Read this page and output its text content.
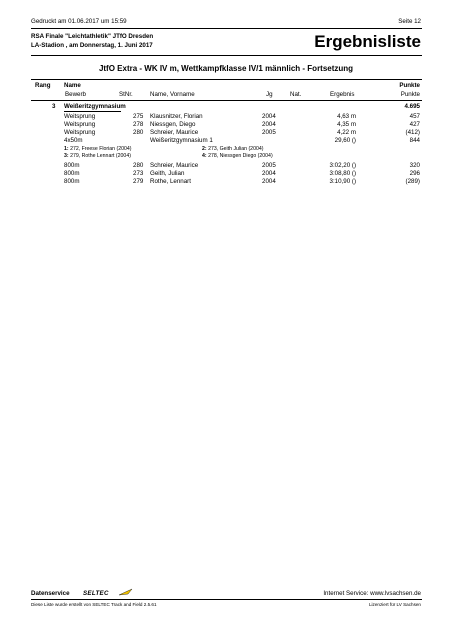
Gedruckt am 01.06.2017 um 15:59	Seite 12
RSA Finale "Leichtathletik" JTfO Dresden
LA-Stadion , am Donnerstag, 1. Juni 2017	Ergebnisliste
JtfO Extra - WK IV m, Wettkampfklasse IV/1 männlich - Fortsetzung
Rang Name	Punkte
Bewerb	StNr.	Name, Vorname	Jg	Nat.	Ergebnis	Punkte
3 Weißeritzgymnasium	4.695
Weitsprung	275 Klausnitzer, Florian	2004	4,63 m	457
Weitsprung	278 Niessgen, Diego	2004	4,35 m	427
Weitsprung	280 Schreier, Maurice	2005	4,22 m	(412)
4x50m	Weißeritzgymnasium 1	29,60 ()	844
1: 272, Freese Florian (2004)	2: 273, Geith Julian (2004)
3: 279, Rothe Lennart (2004)	4: 278, Niessgen Diego (2004)
800m	280 Schreier, Maurice	2005	3:02,20 ()	320
800m	273 Geith, Julian	2004	3:08,80 ()	296
800m	279 Rothe, Lennart	2004	3:10,90 ()	(289)
Datenservice SELTEC	Internet Service: www.lvsachsen.de
Diese Liste wurde erstellt von SELTEC Track and Field 2.5.61	Lizenziert für LV Sachsen
